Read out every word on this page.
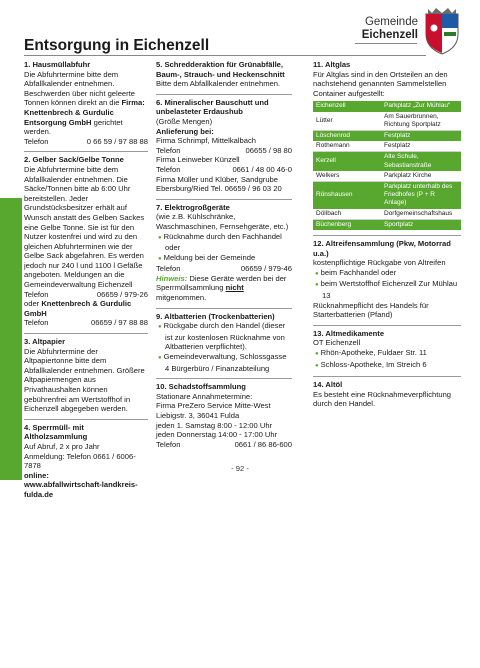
Gemeinde
Eichenzell
Entsorgung in Eichenzell
Ver- und Entsorgung
1. Hausmüllabfuhr
Die Abfuhrtermine bitte dem Abfallkalender entnehmen. Beschwerden über nicht geleerte Tonnen können direkt an die Firma: Knettenbrech & Gurdulic Entsorgung GmbH gerichtet werden.
Telefon	0 66 59 / 97 88 88
2. Gelber Sack/Gelbe Tonne
Die Abfuhrtermine bitte dem Abfallkalender entnehmen. Die Säcke/Tonnen bitte ab 6:00 Uhr bereitstellen. Jeder Grundstücksbesitzer erhält auf Wunsch anstatt des Gelben Sackes eine Gelbe Tonne. Sie ist für den Nutzer kostenfrei und wird zu den gleichen Abfuhrterminen wie der Gelbe Sack abgefahren. Es werden jedoch nur 240 l und 1100 l Gefäße angeboten. Meldungen an die Gemeindeverwaltung Eichenzell
Telefon	06659 / 979-26
oder Knettenbrech & Gurdulic GmbH
Telefon	06659 / 97 88 88
3. Altpapier
Die Abfuhrtermine der Altpapiertonne bitte dem Abfallkalender entnehmen. Größere Altpapiermengen aus Privathaushalten können gebührenfrei am Wertstoffhof in Eichenzell abgegeben werden.
4. Sperrmüll- mit Altholzsammlung
Auf Abruf, 2 x pro Jahr
Anmeldung: Telefon 0661 / 6006-7878
online:
www.abfallwirtschaft-landkreis-fulda.de
5. Schredderaktion für Grünabfälle, Baum-, Strauch- und Heckenschnitt
Bitte dem Abfallkalender entnehmen.
6. Mineralischer Bauschutt und unbelasteter Erdaushub
(Größe Mengen)
Anlieferung bei:
Firma Schrimpf, Mittelkalbach
Telefon	06655 / 98 80
Firma Leinweber Künzell
Telefon	0661 / 48 00 46-0
Firma Müller und Klüber, Sandgrube Ebersburg/Ried Tel. 06659 / 96 03 20
7. Elektrogroßgeräte
(wie z.B. Kühlschränke, Waschmaschinen, Fernsehgeräte, etc.)
● Rücknahme durch den Fachhandel
oder
● Meldung bei der Gemeinde
Telefon	06659 / 979-46
Hinweis: Diese Geräte werden bei der Sperrmüllsammlung nicht mitgenommen.
9. Altbatterien (Trockenbatterien)
● Rückgabe durch den Handel (dieser ist zur kostenlosen Rücknahme von Altbatterien verpflichtet).
● Gemeindeverwaltung, Schlossgasse 4 Bürgerbüro / Finanzabteilung
10. Schadstoffsammlung
Stationare Annahmetermine:
Firma PreZero Service Mitte-West
Liebigstr. 3, 36041 Fulda
jeden 1. Samstag 8:00 - 12:00 Uhr
jeden Donnerstag 14:00 - 17:00 Uhr
Telefon	0661 / 86 86-600
11. Altglas
Für Altglas sind in den Ortsteilen an den nachstehend genannten Sammelstellen Container aufgestellt:
Eichenzell	Parkplatz „Zur Mühlau“
Lütter	Am Sauerbrunnen, Richtung Sportplatz
Löschenrod	Festplatz
Rothemann	Festplatz
Kerzell	Alte Schule, Sebastianstraße
Welkers	Parkplatz Kirche
Rönshausen	Parkplatz unterhalb des Friedhofes (P + R Anlage)
Döllbach	Dorfgemeinschaftshaus
Büchenberg	Sportplatz
12. Altreifensammlung (Pkw, Motorrad u.a.)
kostenpflichtige Rückgabe von Altreifen
● beim Fachhandel oder
● beim Wertstoffhof Eichenzell Zur Mühlau 13
Rücknahmepflicht des Handels für Starterbatterien (Pfand)
13. Altmedikamente
OT Eichenzell
● Rhön-Apotheke, Fuldaer Str. 11
● Schloss-Apotheke, Im Streich 6
14. Altöl
Es besteht eine Rücknahmeverpflichtung durch den Handel.
- 92 -
